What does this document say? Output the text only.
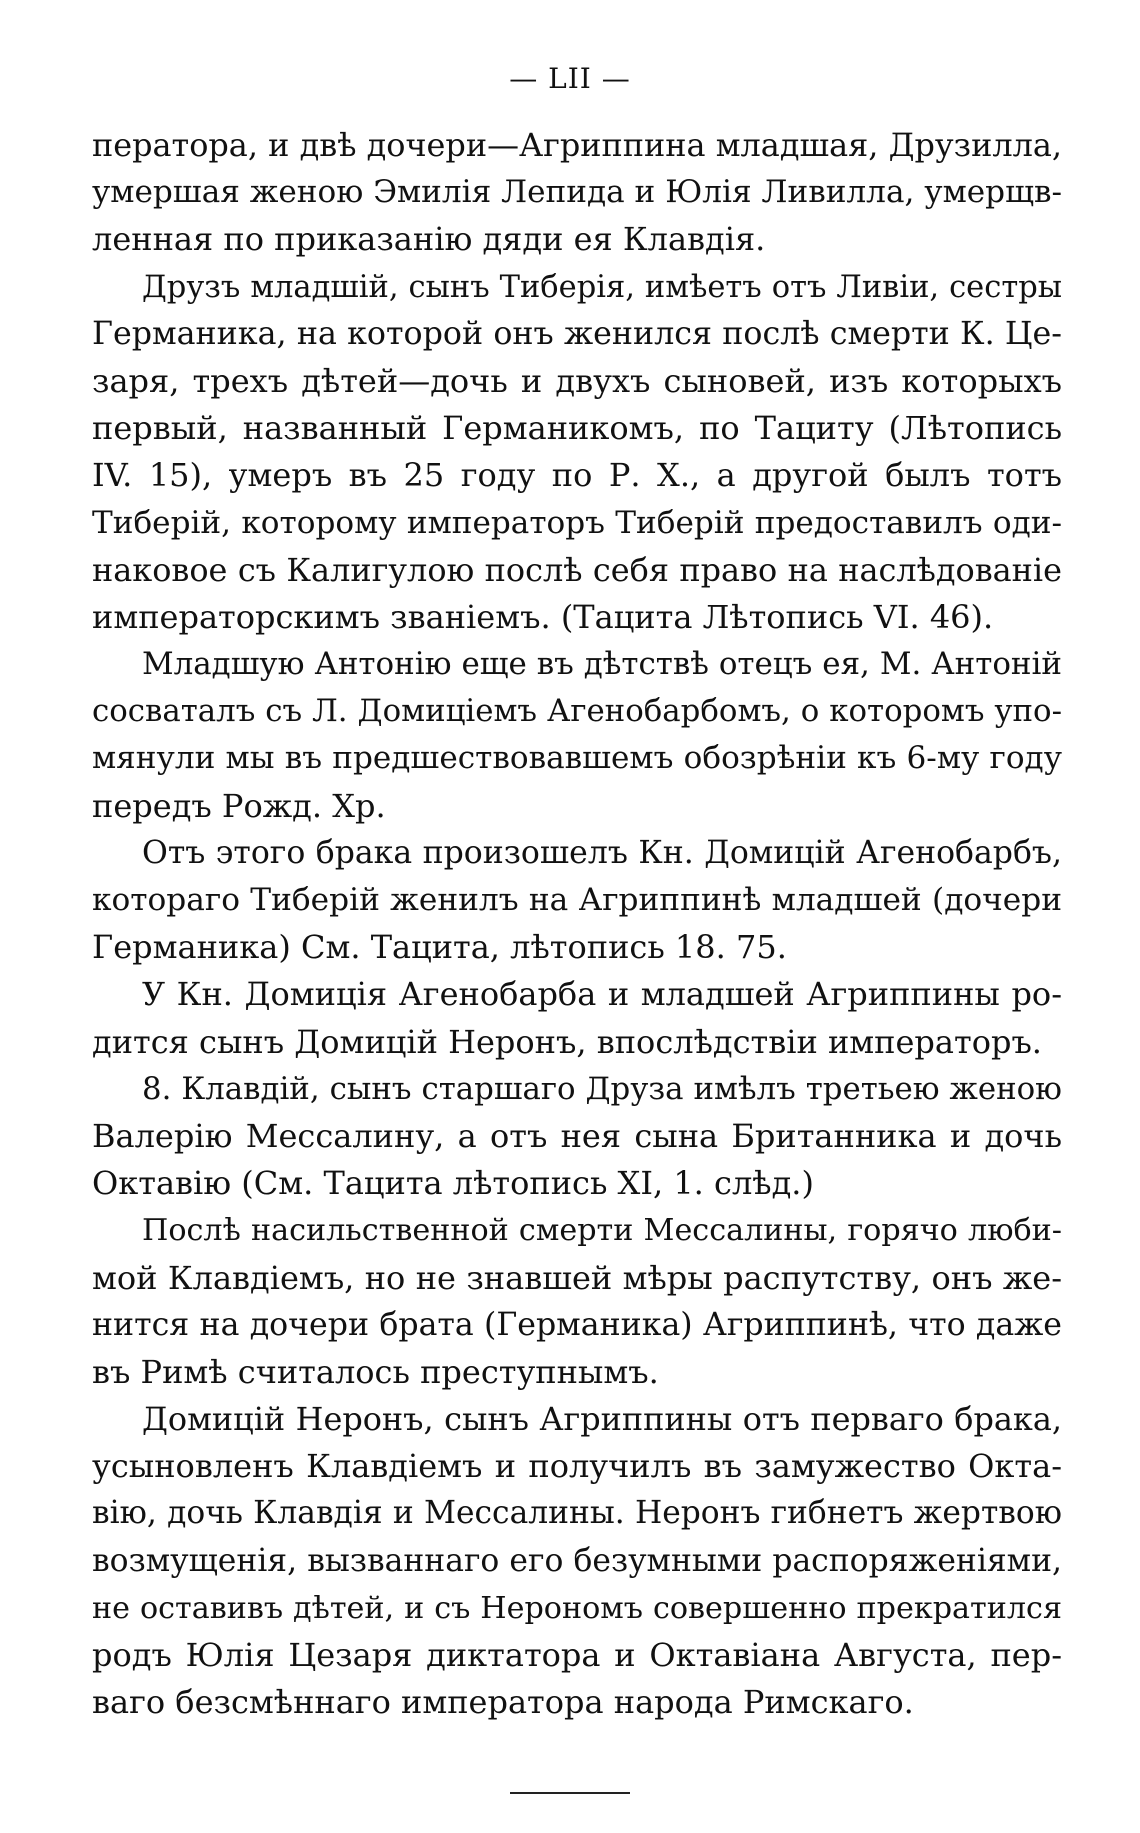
— LII —
ператора, и двѣ дочери—Агриппина младшая, Друзилла,
умершая женою Эмилія Лепида и Юлія Ливилла, умерщв-
ленная по приказанію дяди ея Клавдія.
Друзъ младшій, сынъ Тиберія, имѣетъ отъ Ливіи, сестры
Германика, на которой онъ женился послѣ смерти К. Це-
заря, трехъ дѣтей—дочь и двухъ сыновей, изъ которыхъ
первый, названный Германикомъ, по Тациту (Лѣтопись
IV. 15), умеръ въ 25 году по Р. Х., а другой былъ тотъ
Тиберій, которому императоръ Тиберій предоставилъ оди-
наковое съ Калигулою послѣ себя право на наслѣдованіе
императорскимъ званіемъ. (Тацита Лѣтопись VI. 46).
Младшую Антонію еще въ дѣтствѣ отецъ ея, М. Антоній
сосваталъ съ Л. Домиціемъ Агенобарбомъ, о которомъ упо-
мянули мы въ предшествовавшемъ обозрѣніи къ 6-му году
передъ Рожд. Хр.
Отъ этого брака произошелъ Кн. Домицій Агенобарбъ,
котораго Тиберій женилъ на Агриппинѣ младшей (дочери
Германика) См. Тацита, лѣтопись 18. 75.
У Кн. Домиція Агенобарба и младшей Агриппины ро-
дится сынъ Домицій Неронъ, впослѣдствіи императоръ.
8. Клавдій, сынъ старшаго Друза имѣлъ третьею женою
Валерію Мессалину, а отъ нея сына Британника и дочь
Октавію (См. Тацита лѣтопись XI, 1. слѣд.)
Послѣ насильственной смерти Мессалины, горячо люби-
мой Клавдіемъ, но не знавшей мѣры распутству, онъ же-
нится на дочери брата (Германика) Агриппинѣ, что даже
въ Римѣ считалось преступнымъ.
Домицій Неронъ, сынъ Агриппины отъ перваго брака,
усыновленъ Клавдіемъ и получилъ въ замужество Окта-
вію, дочь Клавдія и Мессалины. Неронъ гибнетъ жертвою
возмущенія, вызваннаго его безумными распоряженіями,
не оставивъ дѣтей, и съ Нерономъ совершенно прекратился
родъ Юлія Цезаря диктатора и Октавіана Августа, пер-
ваго безсмѣннаго императора народа Римскаго.
